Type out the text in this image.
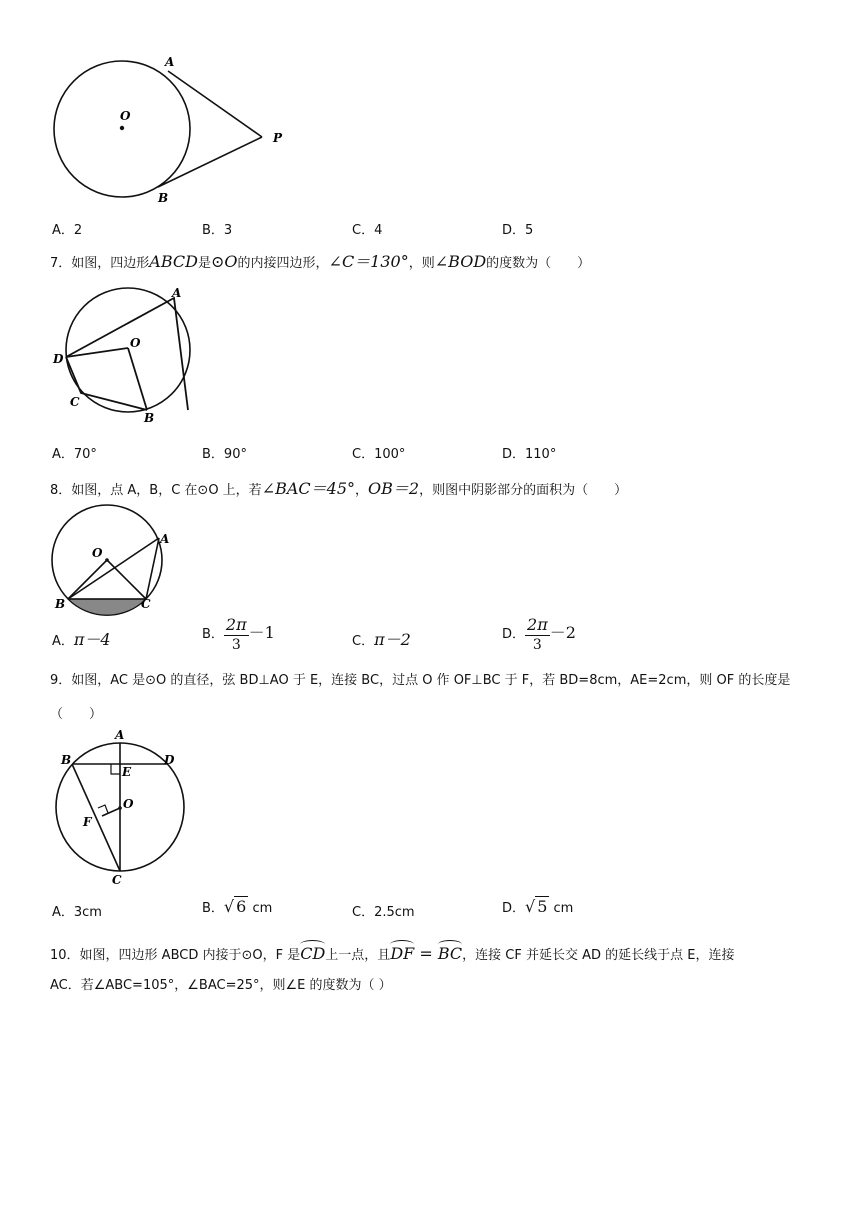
A
O
P
B
A．2	B．3	C．4	D．5
7．如图，四边形ABCD是⊙O的内接四边形，∠C＝130°，则∠BOD的度数为（　　）
A
D
O
C
B
A．70°	B．90°	C．100°	D．110°
8．如图，点 A，B，C 在⊙O 上，若∠BAC＝45°，OB＝2，则图中阴影部分的面积为（　　）
O
A
B	C
A．π－4	B． $\frac{2\pi}{3} -1$	C．π－2	D． $\frac{2\pi}{3} -2$
9．如图，AC 是⊙O 的直径，弦 BD⊥AO 于 E，连接 BC，过点 O 作 OF⊥BC 于 F，若 BD=8cm，AE=2cm，则 OF 的长度是
（　　）
A
B	D
E
O
F
C
A．3cm	B．√ 6 cm	C．2.5cm	D．√ 5 cm
10．如图，四边形 ABCD 内接于⊙O，F 是CD上一点，且DF = BC，连接 CF 并延长交 AD 的延长线于点 E，连接
AC．若∠ABC=105°，∠BAC=25°，则∠E 的度数为（ ）
